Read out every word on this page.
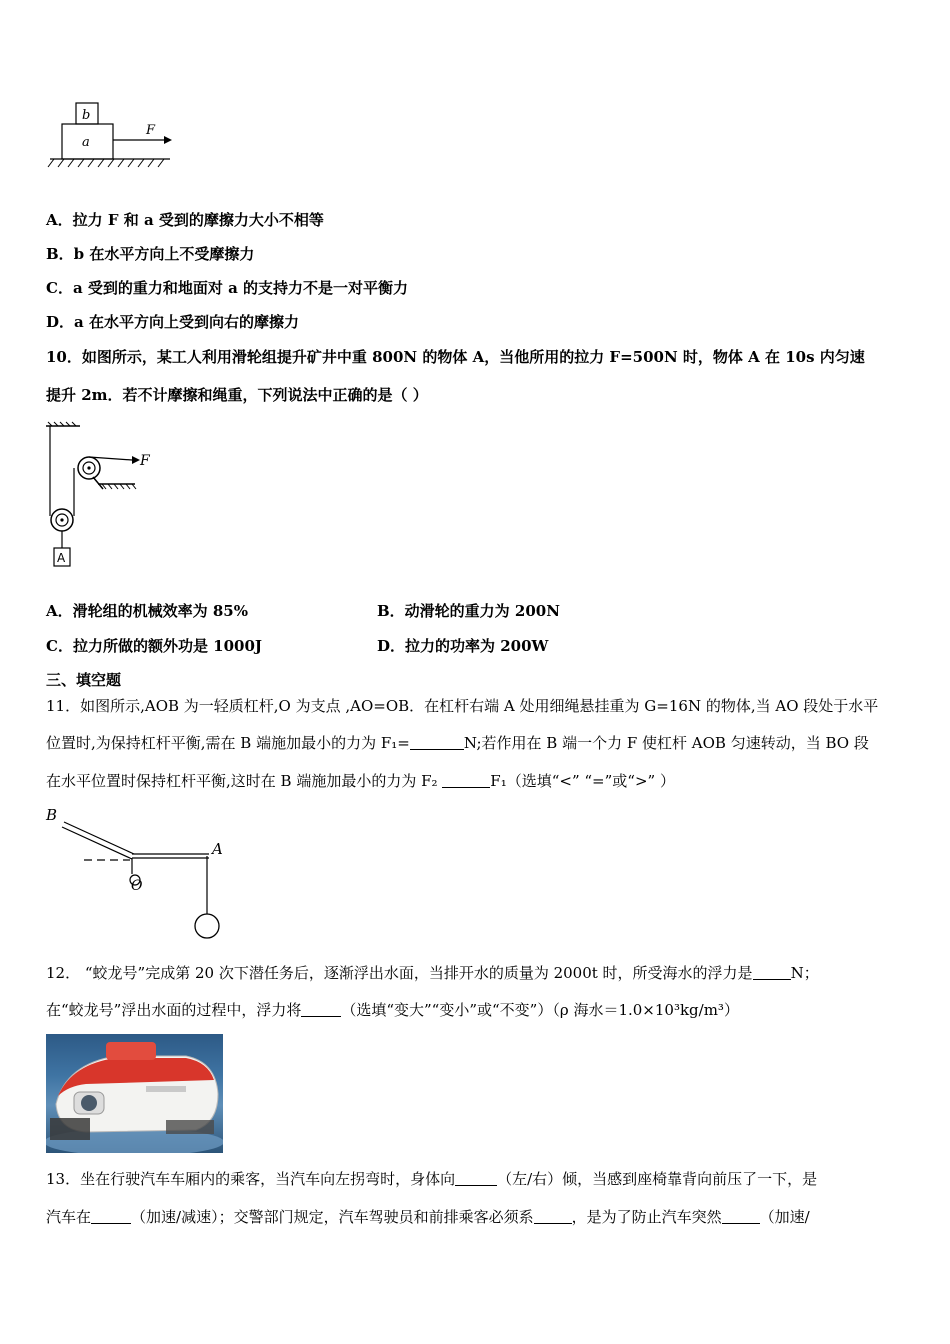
b
a
F
A．拉力 F 和 a 受到的摩擦力大小不相等
B．b 在水平方向上不受摩擦力
C．a 受到的重力和地面对 a 的支持力不是一对平衡力
D．a 在水平方向上受到向右的摩擦力
10．如图所示，某工人利用滑轮组提升矿井中重 800N 的物体 A，当他所用的拉力 F=500N 时，物体 A 在 10s 内匀速
提升 2m．若不计摩擦和绳重，下列说法中正确的是（ ）
F
A
A．滑轮组的机械效率为 85%	B．动滑轮的重力为 200N
C．拉力所做的额外功是 1000J	D．拉力的功率为 200W
三、填空题
11．如图所示,AOB 为一轻质杠杆,O 为支点 ,AO=OB．在杠杆右端 A 处用细绳悬挂重为 G=16N 的物体,当 AO 段处于水平
位置时,为保持杠杆平衡,需在 B 端施加最小的力为 F₁=	N;若作用在 B 端一个力 F 使杠杆 AOB 匀速转动，当 BO 段
在水平位置时保持杠杆平衡,这时在 B 端施加最小的力为 F₂	F₁（选填“<” “=”或“>” ）
B
O
A
12． “蛟龙号”完成第 20 次下潜任务后，逐渐浮出水面，当排开水的质量为 2000t 时，所受海水的浮力是	N；
在“蛟龙号”浮出水面的过程中，浮力将	（选填“变大”“变小”或“不变”）（ρ 海水＝1.0×10³kg/m³）
13．坐在行驶汽车车厢内的乘客，当汽车向左拐弯时，身体向	（左/右）倾，当感到座椅靠背向前压了一下，是
汽车在	（加速/减速）；交警部门规定，汽车驾驶员和前排乘客必须系	，是为了防止汽车突然	（加速/
